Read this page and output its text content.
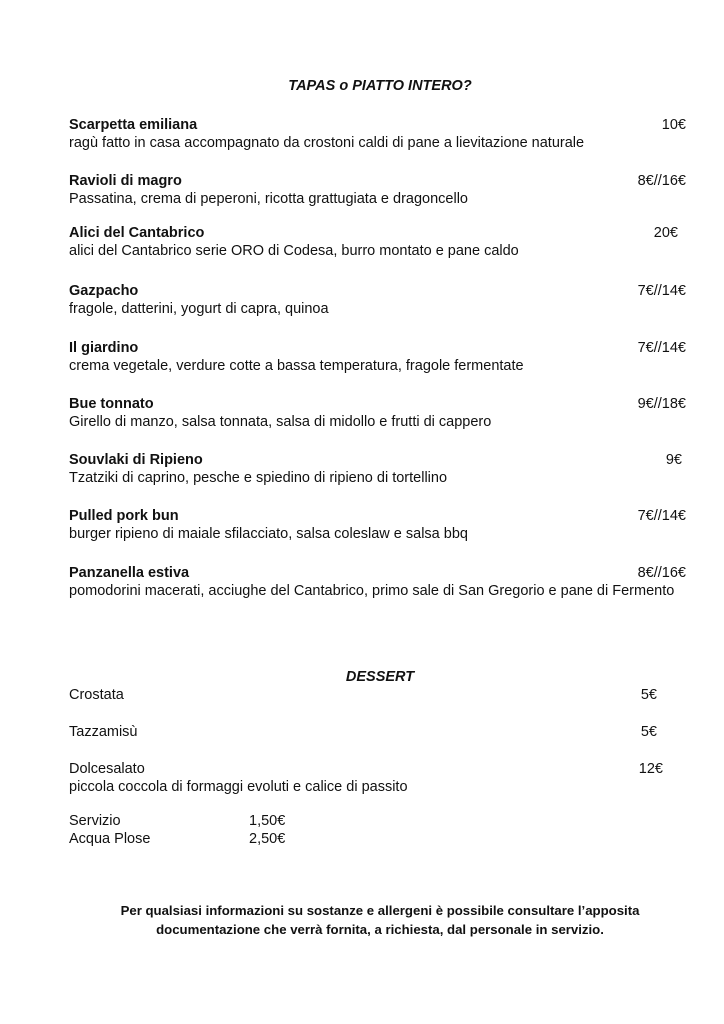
TAPAS o PIATTO INTERO?
Scarpetta emiliana	10€
ragù fatto in casa accompagnato da crostoni caldi di pane a lievitazione naturale
Ravioli di magro	8€//16€
Passatina, crema di peperoni, ricotta grattugiata e dragoncello
Alici del Cantabrico	20€
alici del Cantabrico serie ORO di Codesa, burro montato e pane caldo
Gazpacho	7€//14€
fragole, datterini, yogurt di capra, quinoa
Il giardino	7€//14€
crema vegetale, verdure cotte a bassa temperatura, fragole fermentate
Bue tonnato	9€//18€
Girello di manzo, salsa tonnata, salsa di midollo e frutti di cappero
Souvlaki di Ripieno	9€
Tzatziki di caprino, pesche e spiedino di ripieno di tortellino
Pulled pork bun	7€//14€
burger ripieno di maiale sfilacciato, salsa coleslaw e salsa bbq
Panzanella estiva	8€//16€
pomodorini macerati, acciughe del Cantabrico, primo sale di San Gregorio e pane di Fermento
DESSERT
Crostata	5€
Tazzamisù	5€
Dolcesalato	12€
piccola coccola di formaggi evoluti e calice di passito
Servizio	1,50€
Acqua Plose	2,50€
Per qualsiasi informazioni su sostanze e allergeni è possibile consultare l’apposita
documentazione che verrà fornita, a richiesta, dal personale in servizio.
